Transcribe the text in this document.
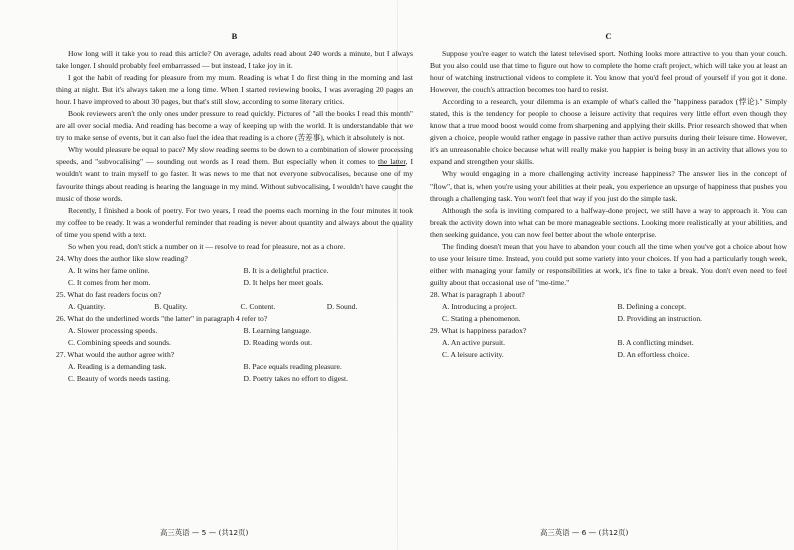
B

How long will it take you to read this article? On average, adults read about 240 words a minute, but I always take longer. I should probably feel embarrassed — but instead, I take joy in it.

I got the habit of reading for pleasure from my mum. Reading is what I do first thing in the morning and last thing at night. But it's always taken me a long time. When I started reviewing books, I was averaging 20 pages an hour. I have improved to about 30 pages, but that's still slow, according to some literary critics.

Book reviewers aren't the only ones under pressure to read quickly. Pictures of "all the books I read this month" are all over social media. And reading has become a way of keeping up with the world. It is understandable that we try to make sense of events, but it can also fuel the idea that reading is a chore (苦差事), which it absolutely is not.

Why would pleasure be equal to pace? My slow reading seems to be down to a combination of slower processing speeds, and "subvocalising" — sounding out words as I read them. But especially when it comes to the latter, I wouldn't want to train myself to go faster. It was news to me that not everyone subvocalises, because one of my favourite things about reading is hearing the language in my mind. Without subvocalising, I wouldn't have caught the music of those words.

Recently, I finished a book of poetry. For two years, I read the poems each morning in the four minutes it took my coffee to be ready. It was a wonderful reminder that reading is never about quantity and always about the quality of time you spend with a text.

So when you read, don't stick a number on it — resolve to read for pleasure, not as a chore.

24. Why does the author like slow reading?
A. It wins her fame online.	B. It is a delightful practice.
C. It comes from her mom.	D. It helps her meet goals.
25. What do fast readers focus on?
A. Quantity.	B. Quality.	C. Content.	D. Sound.
26. What do the underlined words "the latter" in paragraph 4 refer to?
A. Slower processing speeds.	B. Learning language.
C. Combining speeds and sounds.	D. Reading words out.
27. What would the author agree with?
A. Reading is a demanding task.	B. Pace equals reading pleasure.
C. Beauty of words needs tasting.	D. Poetry takes no effort to digest.
高三英语 — 5 — (共12页)
C

Suppose you're eager to watch the latest televised sport. Nothing looks more attractive to you than your couch. But you also could use that time to figure out how to complete the home craft project, which will take you at least an hour of watching instructional videos to complete it. You know that you'd feel proud of yourself if you got it done. However, the couch's attraction becomes too hard to resist.

According to a research, your dilemma is an example of what's called the "happiness paradox (悖论)." Simply stated, this is the tendency for people to choose a leisure activity that requires very little effort even though they know that a true mood boost would come from sharpening and applying their skills. Prior research showed that when given a choice, people would rather engage in passive rather than active pursuits during their leisure time. However, it's an unreasonable choice because what will really make you happier is being busy in an activity that allows you to expand and strengthen your skills.

Why would engaging in a more challenging activity increase happiness? The answer lies in the concept of "flow", that is, when you're using your abilities at their peak, you experience an upsurge of happiness that pushes you through a challenging task. You won't feel that way if you just do the simple task.

Although the sofa is inviting compared to a halfway-done project, we still have a way to approach it. You can break the activity down into what can be more manageable sections. Looking more realistically at your abilities, and then seeking guidance, you can now feel better about the whole enterprise.

The finding doesn't mean that you have to abandon your couch all the time when you've got a choice about how to use your leisure time. Instead, you could put some variety into your choices. If you had a particularly tough week, either with managing your family or responsibilities at work, it's fine to take a break. You don't even need to feel guilty about that occasional use of "me-time."

28. What is paragraph 1 about?
A. Introducing a project.	B. Defining a concept.
C. Stating a phenomenon.	D. Providing an instruction.
29. What is happiness paradox?
A. An active pursuit.	B. A conflicting mindset.
C. A leisure activity.	D. An effortless choice.
高三英语 — 6 — (共12页)
